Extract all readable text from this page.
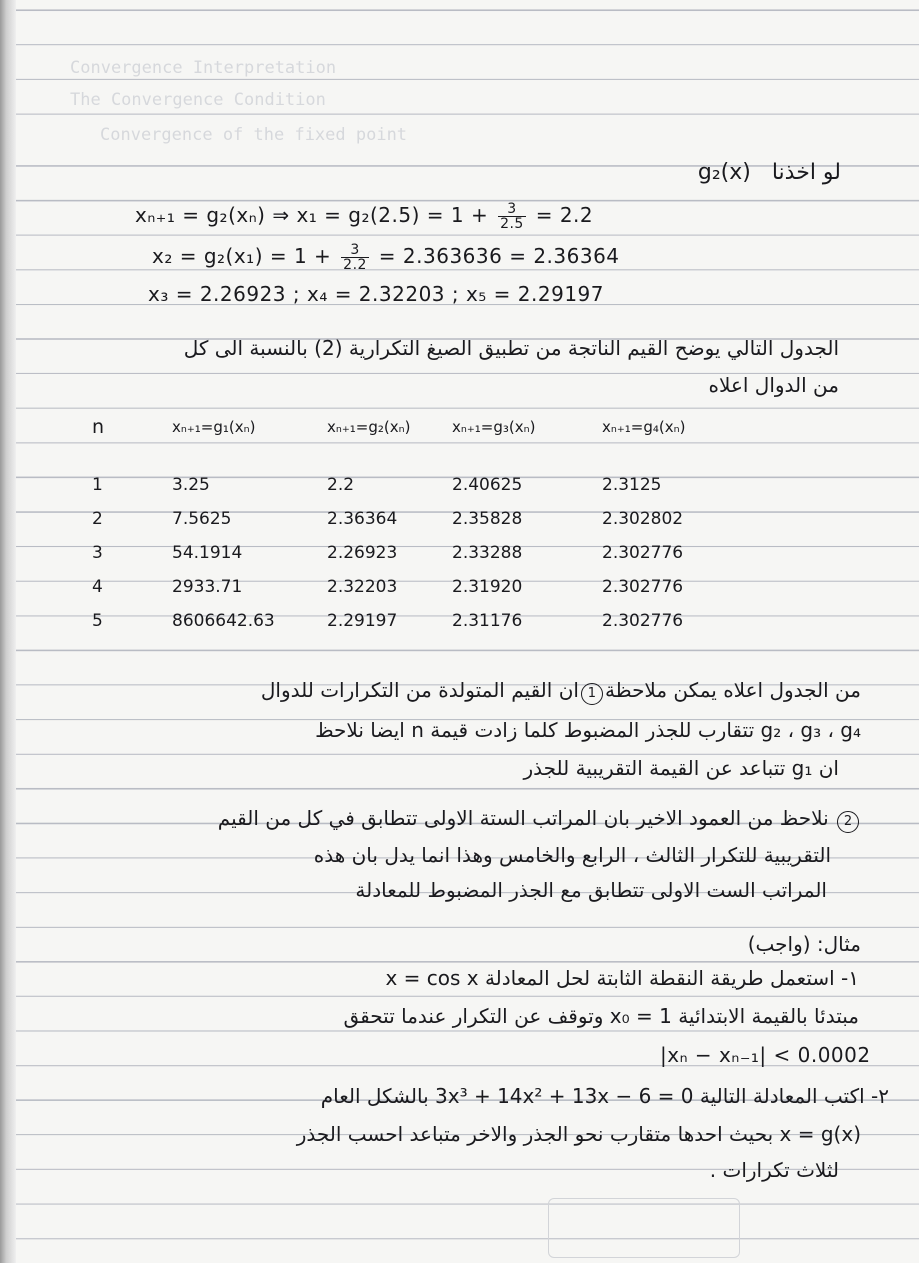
Convergence Interpretation
The Convergence Condition
Convergence of the fixed point
لو اخذنا   g₂(x)
xₙ₊₁ = g₂(xₙ) ⇒ $x_1 = g_2(2.5) = 1 + \frac{3}{2.5} = 2.2$
$x_2 = g_2(x_1) = 1 + \frac{3}{2.2} = 2.363636 = 2.36364$
x₃ = 2.26923 ; x₄ = 2.32203 ; x₅ = 2.29197
الجدول التالي يوضح القيم الناتجة من تطبيق الصيغ التكرارية (2) بالنسبة الى كل
من الدوال اعلاه
n	xₙ₊₁=g₁(xₙ)	xₙ₊₁=g₂(xₙ)	xₙ₊₁=g₃(xₙ)	xₙ₊₁=g₄(xₙ)

1	3.25	2.2	2.40625	2.3125
2	7.5625	2.36364	2.35828	2.302802
3	54.1914	2.26923	2.33288	2.302776
4	2933.71	2.32203	2.31920	2.302776
5	8606642.63	2.29197	2.31176	2.302776
من الجدول اعلاه يمكن ملاحظة1ان القيم المتولدة من التكرارات للدوال
g₂ ، g₃ ، g₄ تتقارب للجذر المضبوط كلما زادت قيمة n ايضا نلاحظ
ان g₁ تتباعد عن القيمة التقريبية للجذر
2 نلاحظ من العمود الاخير بان المراتب الستة الاولى تتطابق في كل من القيم
التقريبية للتكرار الثالث ، الرابع والخامس وهذا انما يدل بان هذه
المراتب الست الاولى تتطابق مع الجذر المضبوط للمعادلة
مثال: (واجب)
١- استعمل طريقة النقطة الثابتة لحل المعادلة x = cos x
مبتدئا بالقيمة الابتدائية x₀ = 1 وتوقف عن التكرار عندما تتحقق
|xₙ − xₙ₋₁| < 0.0002
٢- اكتب المعادلة التالية 3x³ + 14x² + 13x − 6 = 0 بالشكل العام
x = g(x) بحيث احدها متقارب نحو الجذر والاخر متباعد احسب الجذر
لثلاث تكرارات .
